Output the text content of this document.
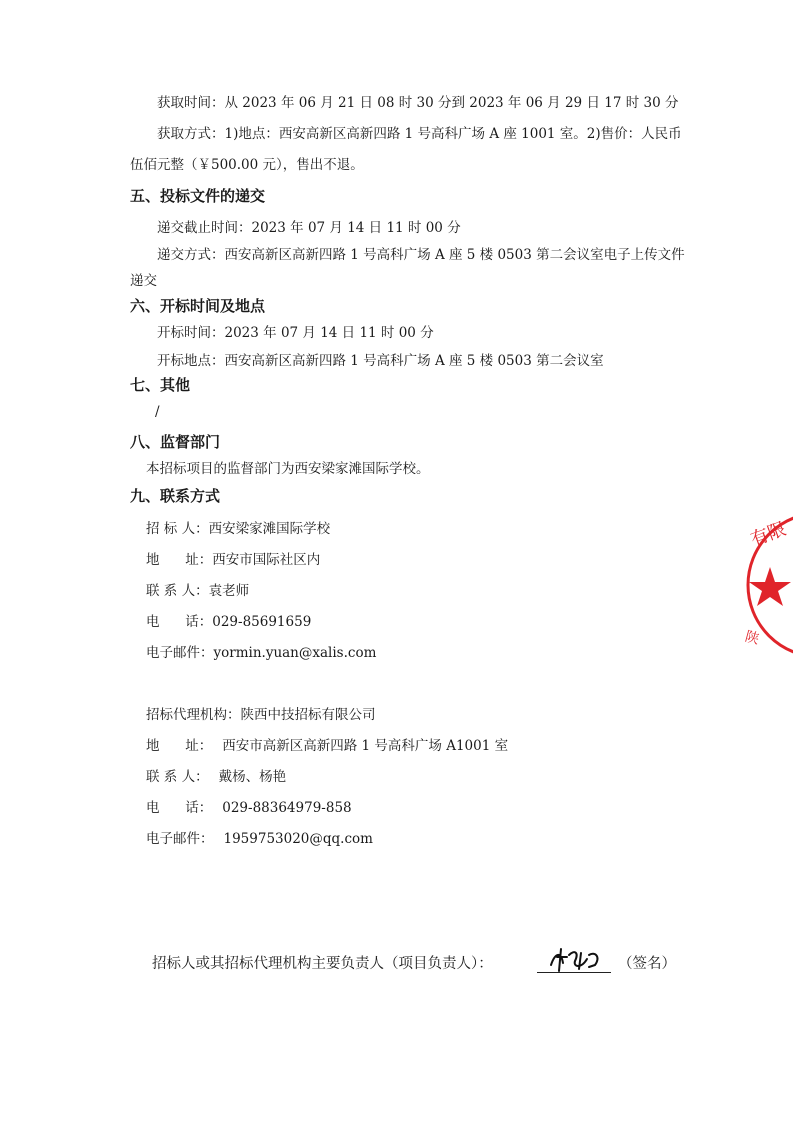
获取时间：从 2023 年 06 月 21 日 08 时 30 分到 2023 年 06 月 29 日 17 时 30 分
获取方式：1)地点：西安高新区高新四路 1 号高科广场 A 座 1001 室。2)售价：人民币
伍佰元整（￥500.00 元），售出不退。
五、投标文件的递交
递交截止时间：2023 年 07 月 14 日 11 时 00 分
递交方式：西安高新区高新四路 1 号高科广场 A 座 5 楼 0503 第二会议室电子上传文件
递交
六、开标时间及地点
开标时间：2023 年 07 月 14 日 11 时 00 分
开标地点：西安高新区高新四路 1 号高科广场 A 座 5 楼 0503 第二会议室
七、其他
/
八、监督部门
本招标项目的监督部门为西安梁家滩国际学校。
九、联系方式
招 标 人：西安梁家滩国际学校
地      址：西安市国际社区内
联 系 人：袁老师
电      话：029-85691659
电子邮件：yormin.yuan@xalis.com
招标代理机构：陕西中技招标有限公司
地      址： 西安市高新区高新四路 1 号高科广场 A1001 室
联 系 人： 戴杨、杨艳
电      话： 029-88364979-858
电子邮件： 1959753020@qq.com
招标人或其招标代理机构主要负责人（项目负责人）：	（签名）
有限
陕
